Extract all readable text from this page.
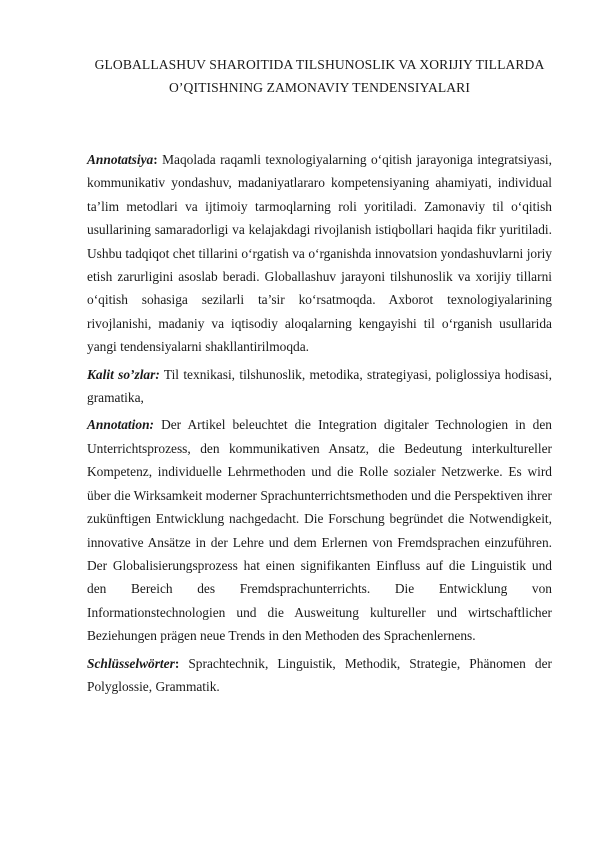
GLOBALLASHUV SHAROITIDA TILSHUNOSLIK VA XORIJIY TILLARDA
O’QITISHNING ZAMONAVIY TENDENSIYALARI

Annotatsiya: Maqolada raqamli texnologiyalarning o‘qitish jarayoniga integratsiyasi, kommunikativ yondashuv, madaniyatlararo kompetensiyaning ahamiyati, individual ta’lim metodlari va ijtimoiy tarmoqlarning roli yoritiladi. Zamonaviy til o‘qitish usullarining samaradorligi va kelajakdagi rivojlanish istiqbollari haqida fikr yuritiladi. Ushbu tadqiqot chet tillarini o‘rgatish va o‘rganishda innovatsion yondashuvlarni joriy etish zarurligini asoslab beradi. Globallashuv jarayoni tilshunoslik va xorijiy tillarni o‘qitish sohasiga sezilarli ta’sir ko‘rsatmoqda. Axborot texnologiyalarining rivojlanishi, madaniy va iqtisodiy aloqalarning kengayishi til o‘rganish usullarida yangi tendensiyalarni shakllantirilmoqda.

Kalit so’zlar: Til texnikasi, tilshunoslik, metodika, strategiyasi, poliglossiya hodisasi, gramatika,

Annotation: Der Artikel beleuchtet die Integration digitaler Technologien in den Unterrichtsprozess, den kommunikativen Ansatz, die Bedeutung interkultureller Kompetenz, individuelle Lehrmethoden und die Rolle sozialer Netzwerke. Es wird über die Wirksamkeit moderner Sprachunterrichtsmethoden und die Perspektiven ihrer zukünftigen Entwicklung nachgedacht. Die Forschung begründet die Notwendigkeit, innovative Ansätze in der Lehre und dem Erlernen von Fremdsprachen einzuführen. Der Globalisierungsprozess hat einen signifikanten Einfluss auf die Linguistik und den Bereich des Fremdsprachunterrichts. Die Entwicklung von Informationstechnologien und die Ausweitung kultureller und wirtschaftlicher Beziehungen prägen neue Trends in den Methoden des Sprachenlernens.

Schlüsselwörter: Sprachtechnik, Linguistik, Methodik, Strategie, Phänomen der Polyglossie, Grammatik.
